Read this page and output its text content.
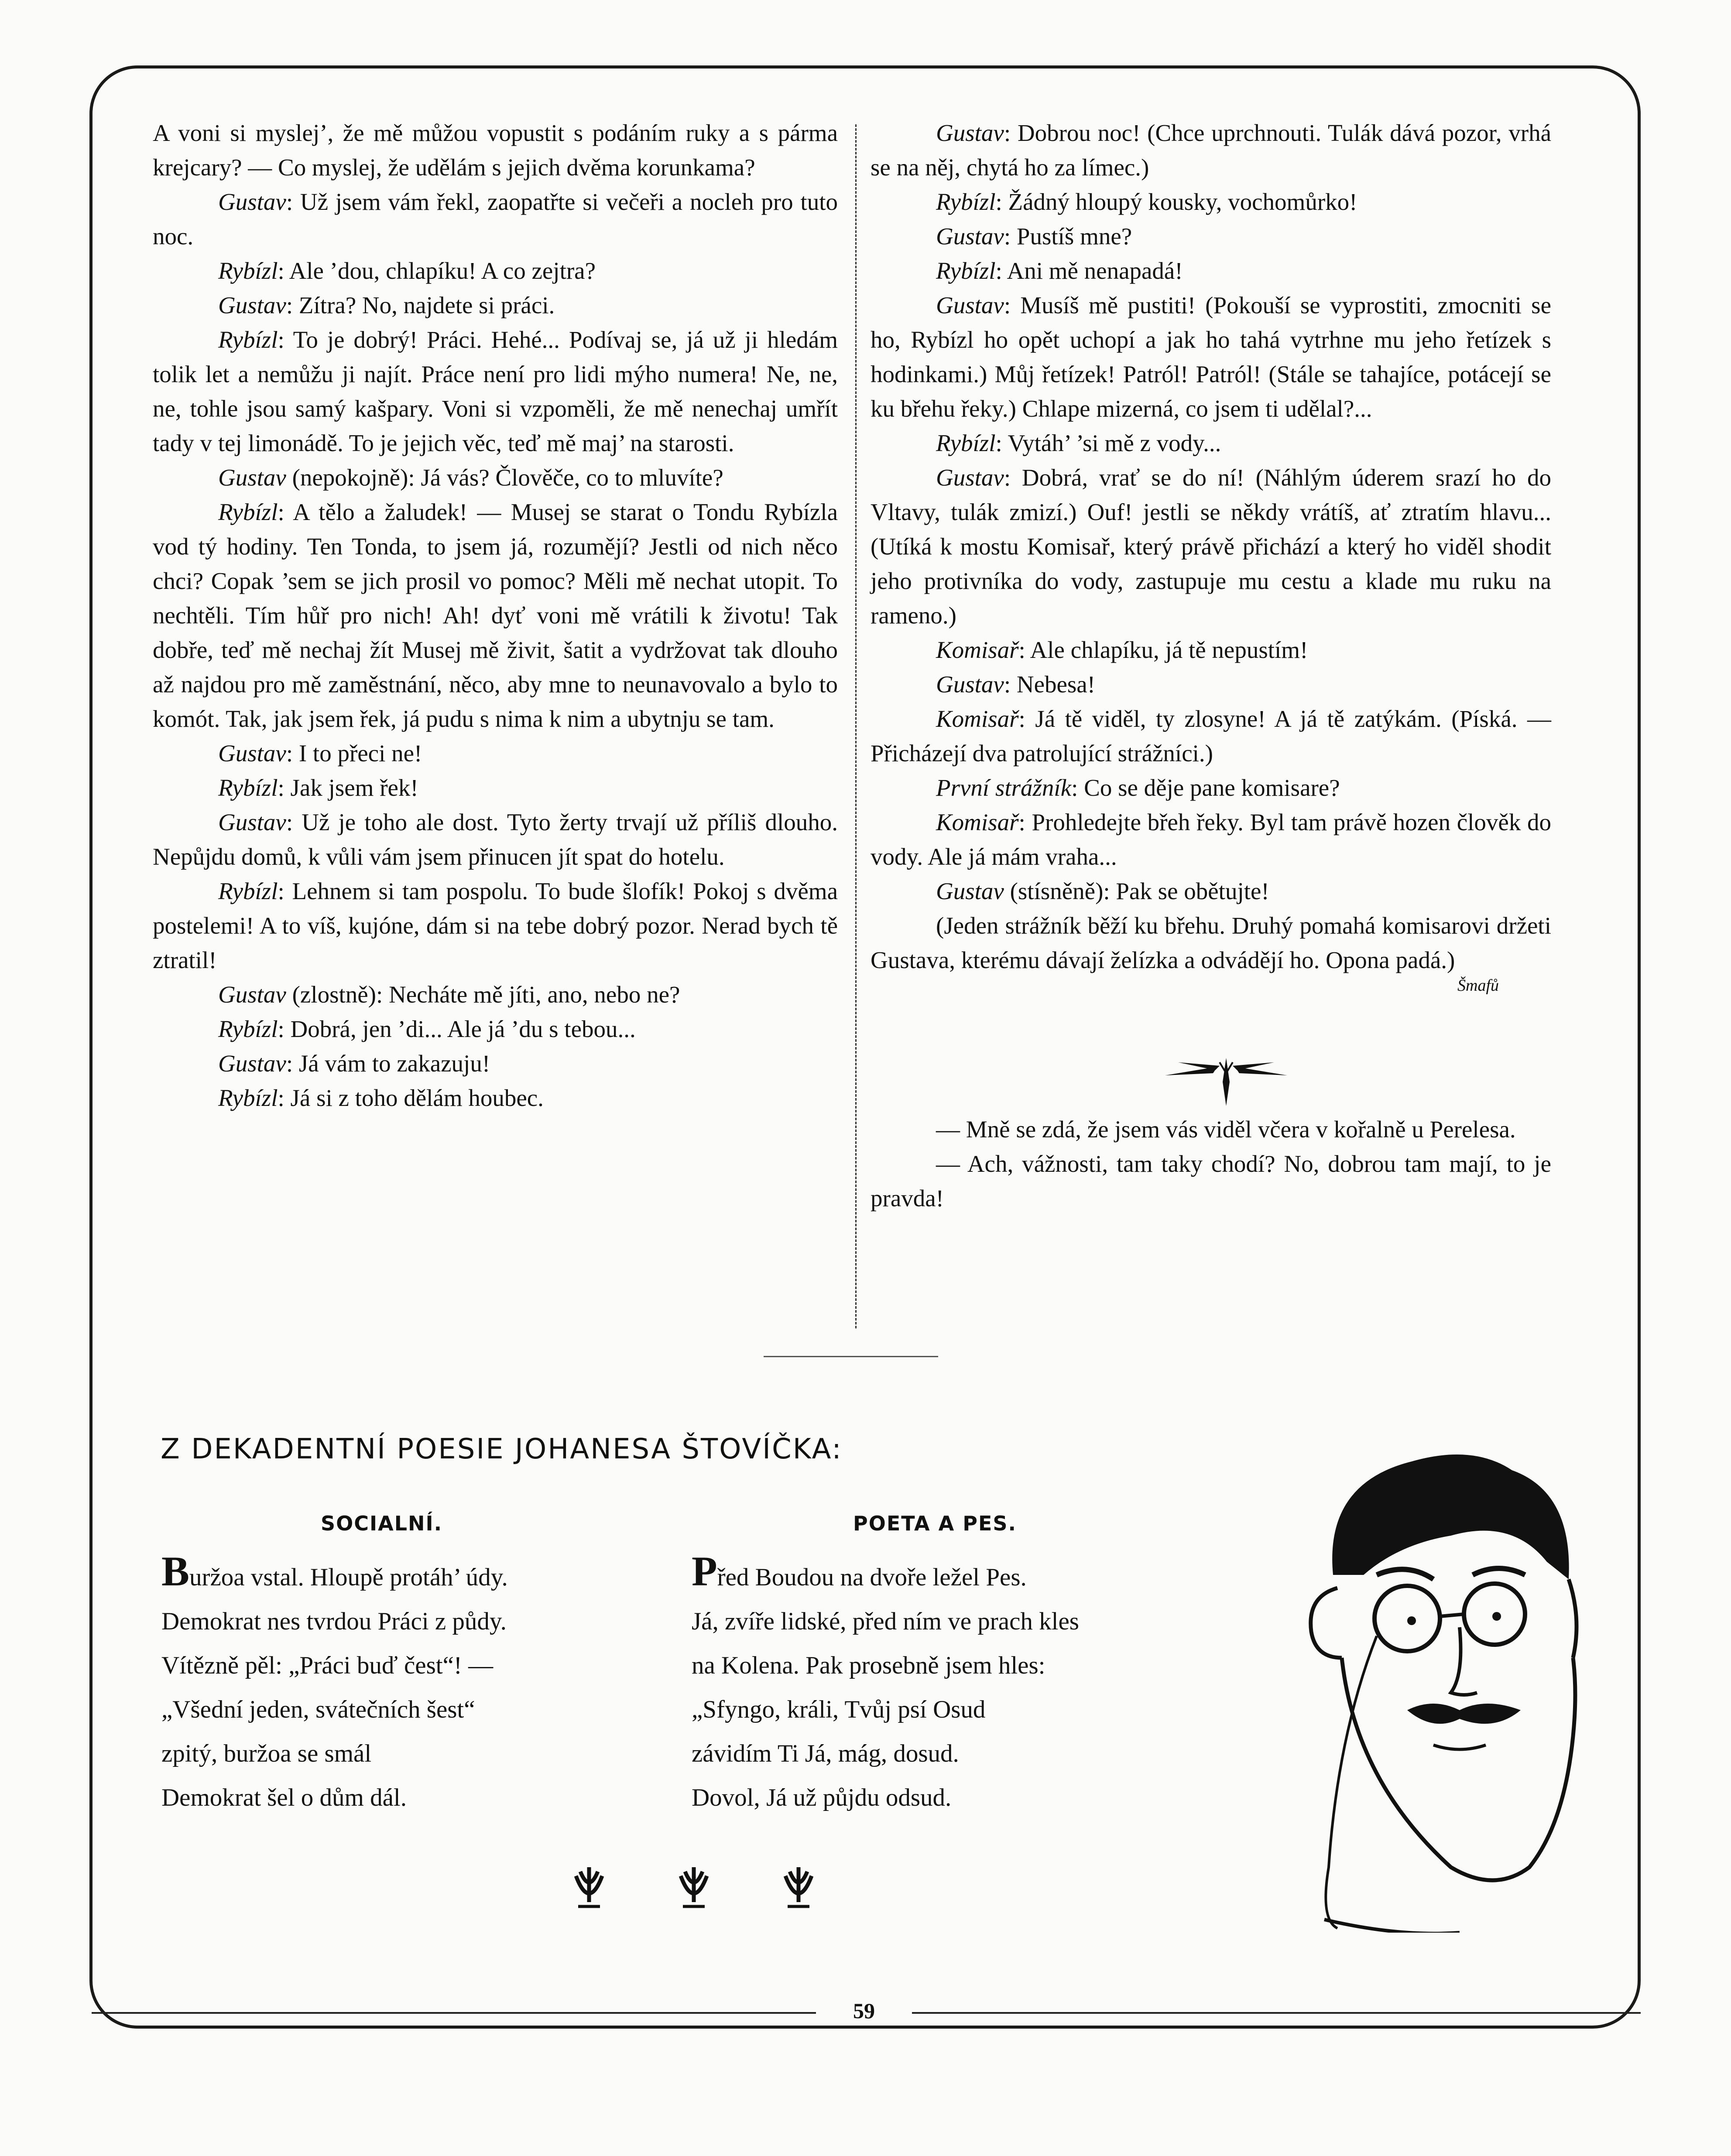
A voni si myslej’, že mě můžou vopustit s podáním ruky a s párma krejcary? — Co myslej, že udělám s jejich dvěma korunkama?

Gustav: Už jsem vám řekl, zaopatřte si večeři a nocleh pro tuto noc.

Rybízl: Ale ’dou, chlapíku! A co zejtra?

Gustav: Zítra? No, najdete si práci.

Rybízl: To je dobrý! Práci. Hehé... Podívaj se, já už ji hledám tolik let a nemůžu ji najít. Práce není pro lidi mýho numera! Ne, ne, ne, tohle jsou samý kašpary. Voni si vzpoměli, že mě nenechaj umřít tady v tej limonádě. To je jejich věc, teď mě maj’ na starosti.

Gustav (nepokojně): Já vás? Člověče, co to mluvíte?

Rybízl: A tělo a žaludek! — Musej se starat o Tondu Rybízla vod tý hodiny. Ten Tonda, to jsem já, rozumějí? Jestli od nich něco chci? Copak ’sem se jich prosil vo pomoc? Měli mě nechat utopit. To nechtěli. Tím hůř pro nich! Ah! dyť voni mě vrátili k životu! Tak dobře, teď mě nechaj žít Musej mě živit, šatit a vydržovat tak dlouho až najdou pro mě zaměstnání, něco, aby mne to neunavovalo a bylo to komót. Tak, jak jsem řek, já pudu s nima k nim a ubytnju se tam.

Gustav: I to přeci ne!

Rybízl: Jak jsem řek!

Gustav: Už je toho ale dost. Tyto žerty trvají už příliš dlouho. Nepůjdu domů, k vůli vám jsem přinucen jít spat do hotelu.

Rybízl: Lehnem si tam pospolu. To bude šlofík! Pokoj s dvěma postelemi! A to víš, kujóne, dám si na tebe dobrý pozor. Nerad bych tě ztratil!

Gustav (zlostně): Necháte mě jíti, ano, nebo ne?

Rybízl: Dobrá, jen ’di... Ale já ’du s tebou...

Gustav: Já vám to zakazuju!

Rybízl: Já si z toho dělám houbec.

Gustav: Dobrou noc! (Chce uprchnouti. Tulák dává pozor, vrhá se na něj, chytá ho za límec.)

Rybízl: Žádný hloupý kousky, vochomůrko!

Gustav: Pustíš mne?

Rybízl: Ani mě nenapadá!

Gustav: Musíš mě pustiti! (Pokouší se vyprostiti, zmocniti se ho, Rybízl ho opět uchopí a jak ho tahá vytrhne mu jeho řetízek s hodinkami.) Můj řetízek! Patról! Patról! (Stále se tahajíce, potácejí se ku břehu řeky.) Chlape mizerná, co jsem ti udělal?...

Rybízl: Vytáh’ ’si mě z vody...

Gustav: Dobrá, vrať se do ní! (Náhlým úderem srazí ho do Vltavy, tulák zmizí.) Ouf! jestli se někdy vrátíš, ať ztratím hlavu... (Utíká k mostu Komisař, který právě přichází a který ho viděl shodit jeho protivníka do vody, zastupuje mu cestu a klade mu ruku na rameno.)

Komisař: Ale chlapíku, já tě nepustím!

Gustav: Nebesa!

Komisař: Já tě viděl, ty zlosyne! A já tě zatýkám. (Píská. — Přicházejí dva patrolující strážníci.)

První strážník: Co se děje pane komisare?

Komisař: Prohledejte břeh řeky. Byl tam právě hozen člověk do vody. Ale já mám vraha...

Gustav (stísněně): Pak se obětujte!

(Jeden strážník běží ku břehu. Druhý pomahá komisarovi držeti Gustava, kterému dávají želízka a odvádějí ho. Opona padá.)

Šmafů

— Mně se zdá, že jsem vás viděl včera v kořalně u Perelesa.

— Ach, vážnosti, tam taky chodí? No, dobrou tam mají, to je pravda!

Z DEKADENTNÍ POESIE JOHANESA ŠTOVÍČKA:
SOCIALNÍ.	POETA A PES.
Buržoa vstal. Hloupě protáh’ údy.
Demokrat nes tvrdou Práci z půdy.
Vítězně pěl: „Práci buď čest“! —
„Všední jeden, svátečních šest“
zpitý, buržoa se smál
Demokrat šel o dům dál.
Před Boudou na dvoře ležel Pes.
Já, zvíře lidské, před ním ve prach kles
na Kolena. Pak prosebně jsem hles:
„Sfyngo, králi, Tvůj psí Osud
závidím Ti Já, mág, dosud.
Dovol, Já už půjdu odsud.
59
